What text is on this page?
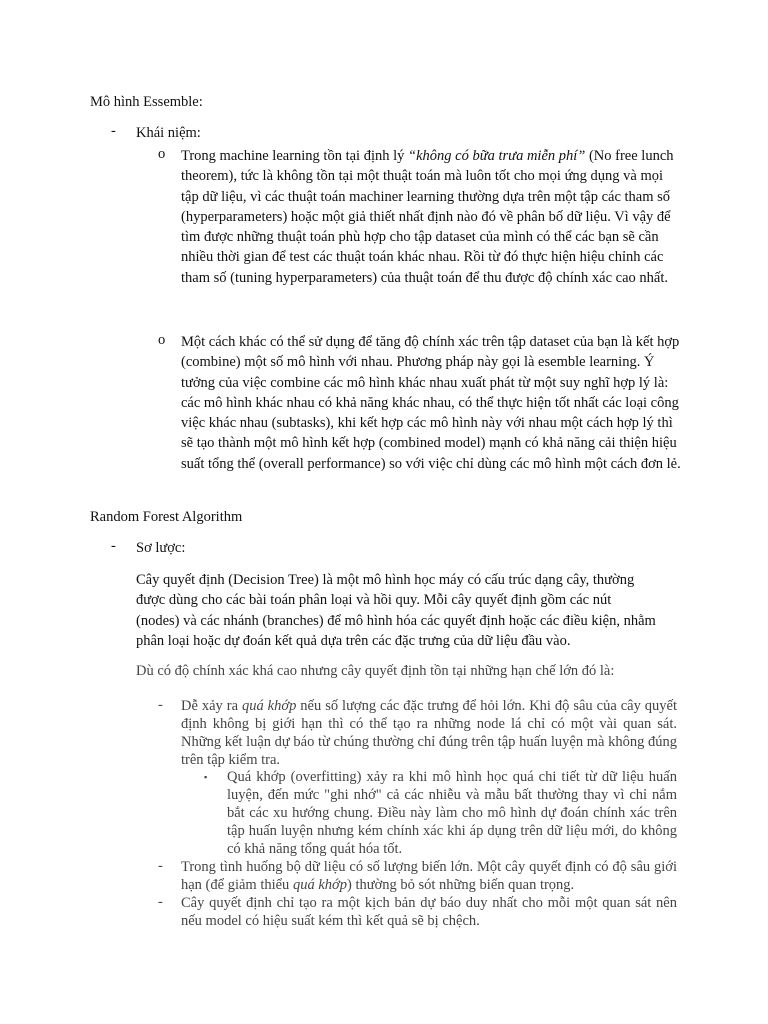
Mô hình Essemble:
- Khái niệm:
o Trong machine learning tồn tại định lý “không có bữa trưa miễn phí” (No free lunch theorem), tức là không tồn tại một thuật toán mà luôn tốt cho mọi ứng dụng và mọi tập dữ liệu, vì các thuật toán machiner learning thường dựa trên một tập các tham số (hyperparameters) hoặc một giả thiết nhất định nào đó về phân bố dữ liệu. Vì vậy để tìm được những thuật toán phù hợp cho tập dataset của mình có thể các bạn sẽ cần nhiều thời gian để test các thuật toán khác nhau. Rồi từ đó thực hiện hiệu chỉnh các tham số (tuning hyperparameters) của thuật toán để thu được độ chính xác cao nhất.
o Một cách khác có thể sử dụng để tăng độ chính xác trên tập dataset của bạn là kết hợp (combine) một số mô hình với nhau. Phương pháp này gọi là esemble learning. Ý tưởng của việc combine các mô hình khác nhau xuất phát từ một suy nghĩ hợp lý là: các mô hình khác nhau có khả năng khác nhau, có thể thực hiện tốt nhất các loại công việc khác nhau (subtasks), khi kết hợp các mô hình này với nhau một cách hợp lý thì sẽ tạo thành một mô hình kết hợp (combined model) mạnh có khả năng cải thiện hiệu suất tổng thể (overall performance) so với việc chỉ dùng các mô hình một cách đơn lẻ.
Random Forest Algorithm
- Sơ lược:
Cây quyết định (Decision Tree) là một mô hình học máy có cấu trúc dạng cây, thường được dùng cho các bài toán phân loại và hồi quy. Mỗi cây quyết định gồm các nút (nodes) và các nhánh (branches) để mô hình hóa các quyết định hoặc các điều kiện, nhằm phân loại hoặc dự đoán kết quả dựa trên các đặc trưng của dữ liệu đầu vào.
Dù có độ chính xác khá cao nhưng cây quyết định tồn tại những hạn chế lớn đó là:
- Dễ xảy ra quá khớp nếu số lượng các đặc trưng để hỏi lớn. Khi độ sâu của cây quyết định không bị giới hạn thì có thể tạo ra những node lá chỉ có một vài quan sát. Những kết luận dự báo từ chúng thường chỉ đúng trên tập huấn luyện mà không đúng trên tập kiểm tra.
▪ Quá khớp (overfitting) xảy ra khi mô hình học quá chi tiết từ dữ liệu huấn luyện, đến mức "ghi nhớ" cả các nhiễu và mẫu bất thường thay vì chỉ nắm bắt các xu hướng chung. Điều này làm cho mô hình dự đoán chính xác trên tập huấn luyện nhưng kém chính xác khi áp dụng trên dữ liệu mới, do không có khả năng tổng quát hóa tốt.
- Trong tình huống bộ dữ liệu có số lượng biến lớn. Một cây quyết định có độ sâu giới hạn (để giảm thiểu quá khớp) thường bỏ sót những biến quan trọng.
- Cây quyết định chỉ tạo ra một kịch bản dự báo duy nhất cho mỗi một quan sát nên nếu model có hiệu suất kém thì kết quả sẽ bị chệch.
